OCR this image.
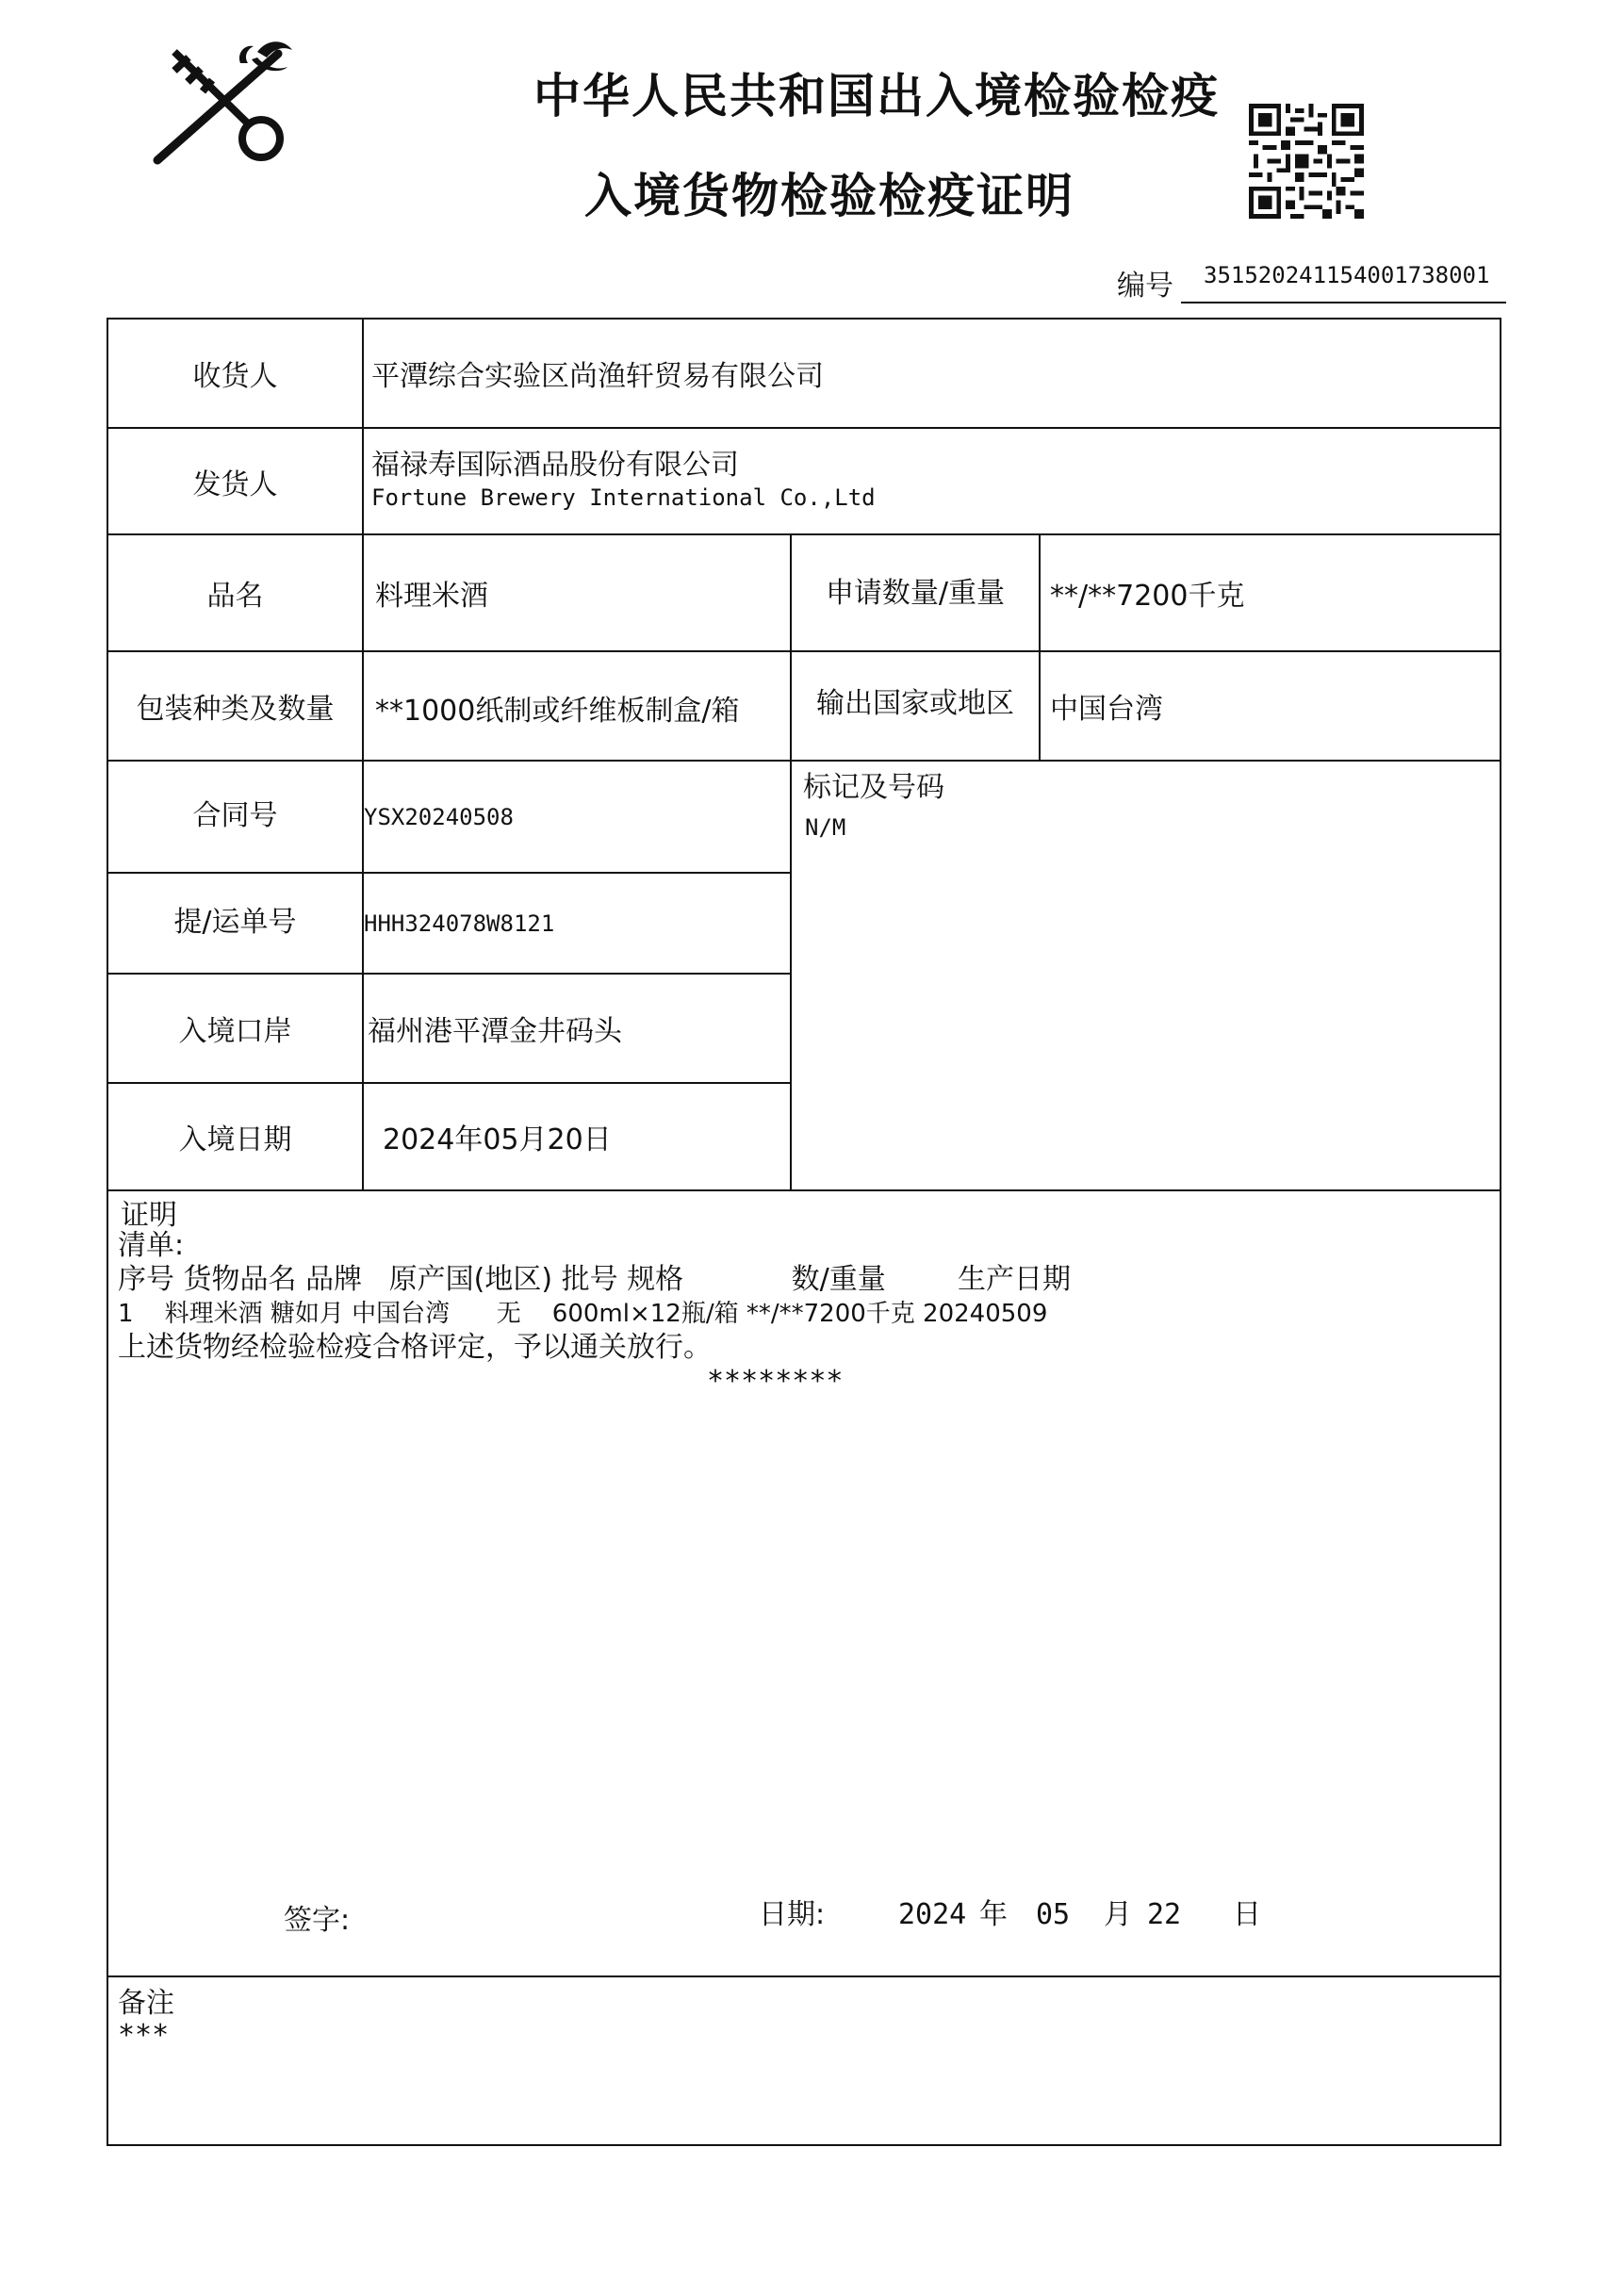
中华人民共和国出入境检验检疫
入境货物检验检疫证明
编号	351520241154001738001
收货人	平潭综合实验区尚渔轩贸易有限公司
发货人
福禄寿国际酒品股份有限公司
Fortune Brewery International Co.,Ltd
品名	料理米酒	申请数量/重量	**/**7200千克
包装种类及数量	**1000纸制或纤维板制盒/箱	输出国家或地区	中国台湾
合同号	YSX20240508
提/运单号	HHH324078W8121
入境口岸	福州港平潭金井码头
入境日期	2024年05月20日
标记及号码
N/M
证明
清单:
序号 货物品名 品牌   原产国(地区) 批号 规格            数/重量        生产日期
1    料理米酒 糖如月 中国台湾      无    600ml×12瓶/箱 **/**7200千克 20240509
上述货物经检验检疫合格评定，予以通关放行。
********
签字:	日期:	2024 年 05 月 22 日
备注
***
